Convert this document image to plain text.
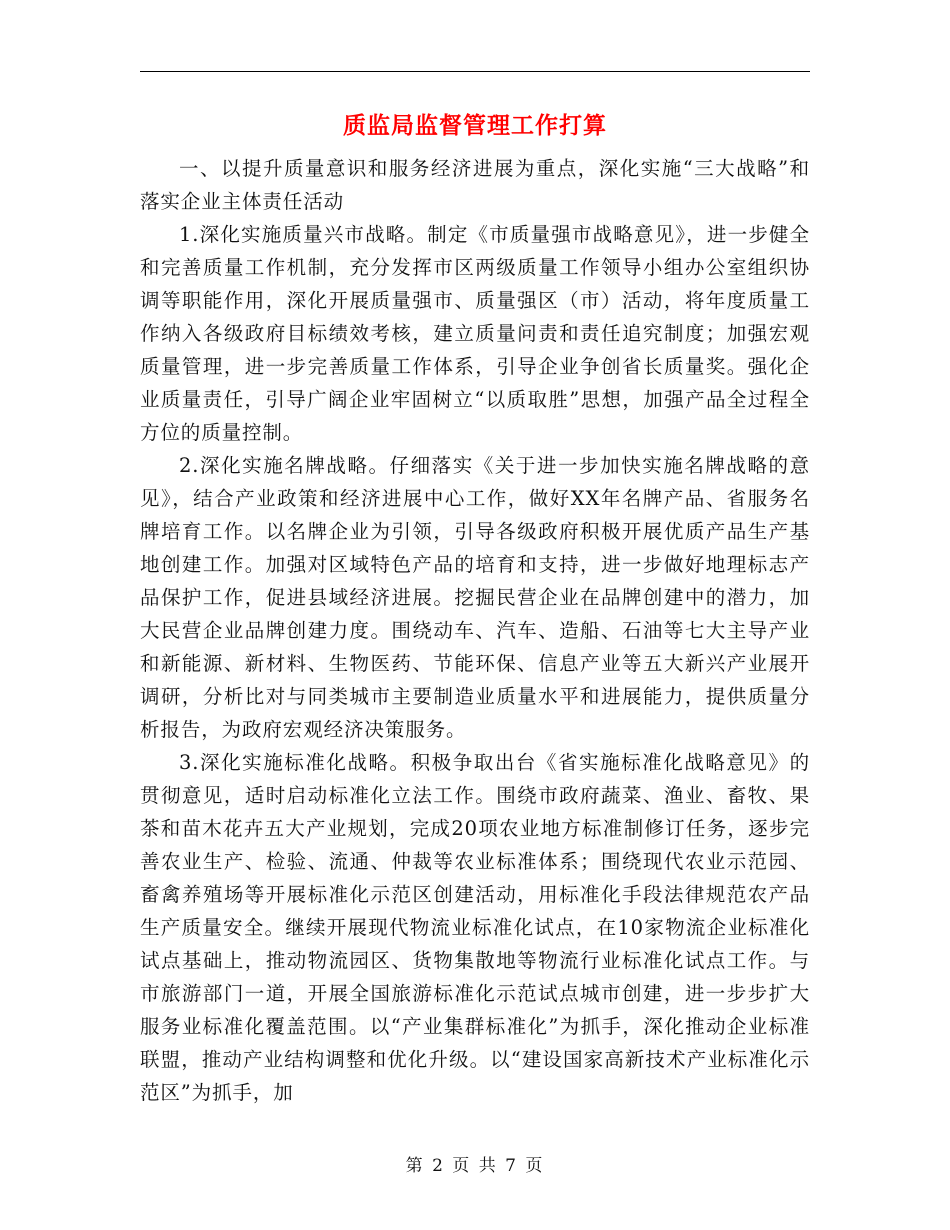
质监局监督管理工作打算

一、以提升质量意识和服务经济进展为重点，深化实施“三大战略”和落实企业主体责任活动

1.深化实施质量兴市战略。制定《市质量强市战略意见》，进一步健全和完善质量工作机制，充分发挥市区两级质量工作领导小组办公室组织协调等职能作用，深化开展质量强市、质量强区（市）活动，将年度质量工作纳入各级政府目标绩效考核，建立质量问责和责任追究制度；加强宏观质量管理，进一步完善质量工作体系，引导企业争创省长质量奖。强化企业质量责任，引导广阔企业牢固树立“以质取胜”思想，加强产品全过程全方位的质量控制。

2.深化实施名牌战略。仔细落实《关于进一步加快实施名牌战略的意见》，结合产业政策和经济进展中心工作，做好XX年名牌产品、省服务名牌培育工作。以名牌企业为引领，引导各级政府积极开展优质产品生产基地创建工作。加强对区域特色产品的培育和支持，进一步做好地理标志产品保护工作，促进县域经济进展。挖掘民营企业在品牌创建中的潜力，加大民营企业品牌创建力度。围绕动车、汽车、造船、石油等七大主导产业和新能源、新材料、生物医药、节能环保、信息产业等五大新兴产业展开调研，分析比对与同类城市主要制造业质量水平和进展能力，提供质量分析报告，为政府宏观经济决策服务。

3.深化实施标准化战略。积极争取出台《省实施标准化战略意见》的贯彻意见，适时启动标准化立法工作。围绕市政府蔬菜、渔业、畜牧、果茶和苗木花卉五大产业规划，完成20项农业地方标准制修订任务，逐步完善农业生产、检验、流通、仲裁等农业标准体系；围绕现代农业示范园、畜禽养殖场等开展标准化示范区创建活动，用标准化手段法律规范农产品生产质量安全。继续开展现代物流业标准化试点，在10家物流企业标准化试点基础上，推动物流园区、货物集散地等物流行业标准化试点工作。与市旅游部门一道，开展全国旅游标准化示范试点城市创建，进一步步扩大服务业标准化覆盖范围。以“产业集群标准化”为抓手，深化推动企业标准联盟，推动产业结构调整和优化升级。以“建设国家高新技术产业标准化示范区”为抓手，加

第 2 页 共 7 页
